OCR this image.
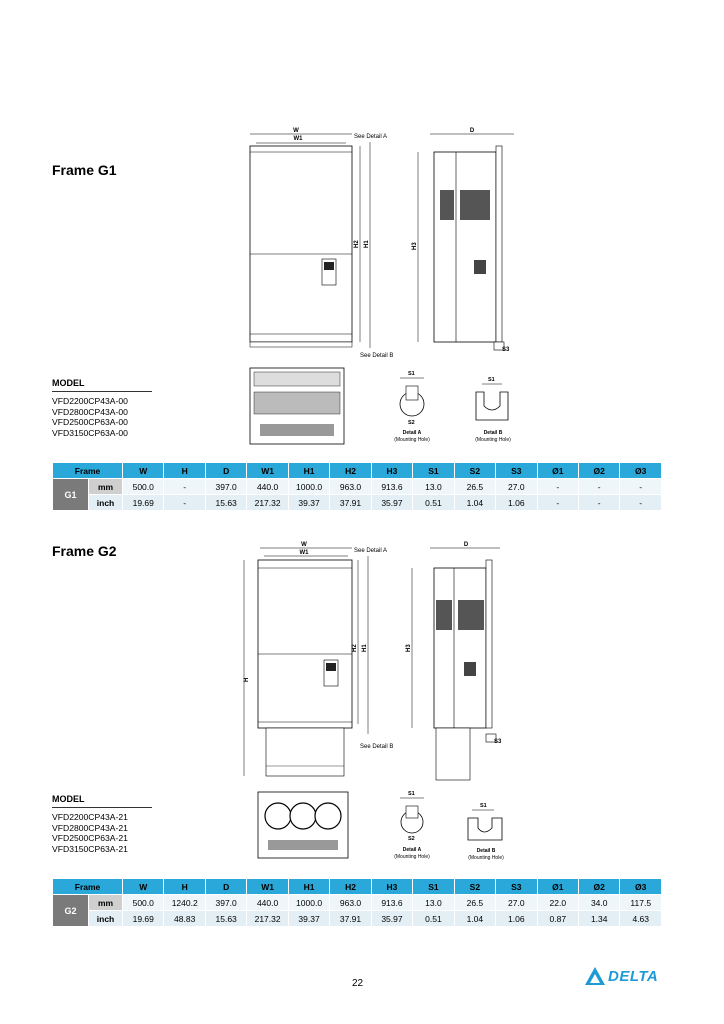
Frame G1
W
W1	See Detail A
H2 H1
See Detail B
D
H3
S3
MODEL
VFD2200CP43A-00
VFD2800CP43A-00
VFD2500CP63A-00
VFD3150CP63A-00
S1
S2
Detail A
(Mounting Hole)
S1
Detail B
(Mounting Hole)
Frame		W	H	D	W1	H1	H2	H3	S1	S2	S3	Ø1	Ø2	Ø3
G1	mm	500.0	-	397.0	440.0	1000.0	963.0	913.6	13.0	26.5	27.0	-	-	-
	inch	19.69	-	15.63	217.32	39.37	37.91	35.97	0.51	1.04	1.06	-	-	-
Frame G2	W
W1	See Detail A
H
H2 H1
See Detail B
D
H3
S3
MODEL
VFD2200CP43A-21
VFD2800CP43A-21
VFD2500CP63A-21
VFD3150CP63A-21
S1
S2
Detail A
(Mounting Hole)
S1
Detail B
(Mounting Hole)
Frame		W	H	D	W1	H1	H2	H3	S1	S2	S3	Ø1	Ø2	Ø3
G2	mm	500.0	1240.2	397.0	440.0	1000.0	963.0	913.6	13.0	26.5	27.0	22.0	34.0	117.5
	inch	19.69	48.83	15.63	217.32	39.37	37.91	35.97	0.51	1.04	1.06	0.87	1.34	4.63
22	DELTA
